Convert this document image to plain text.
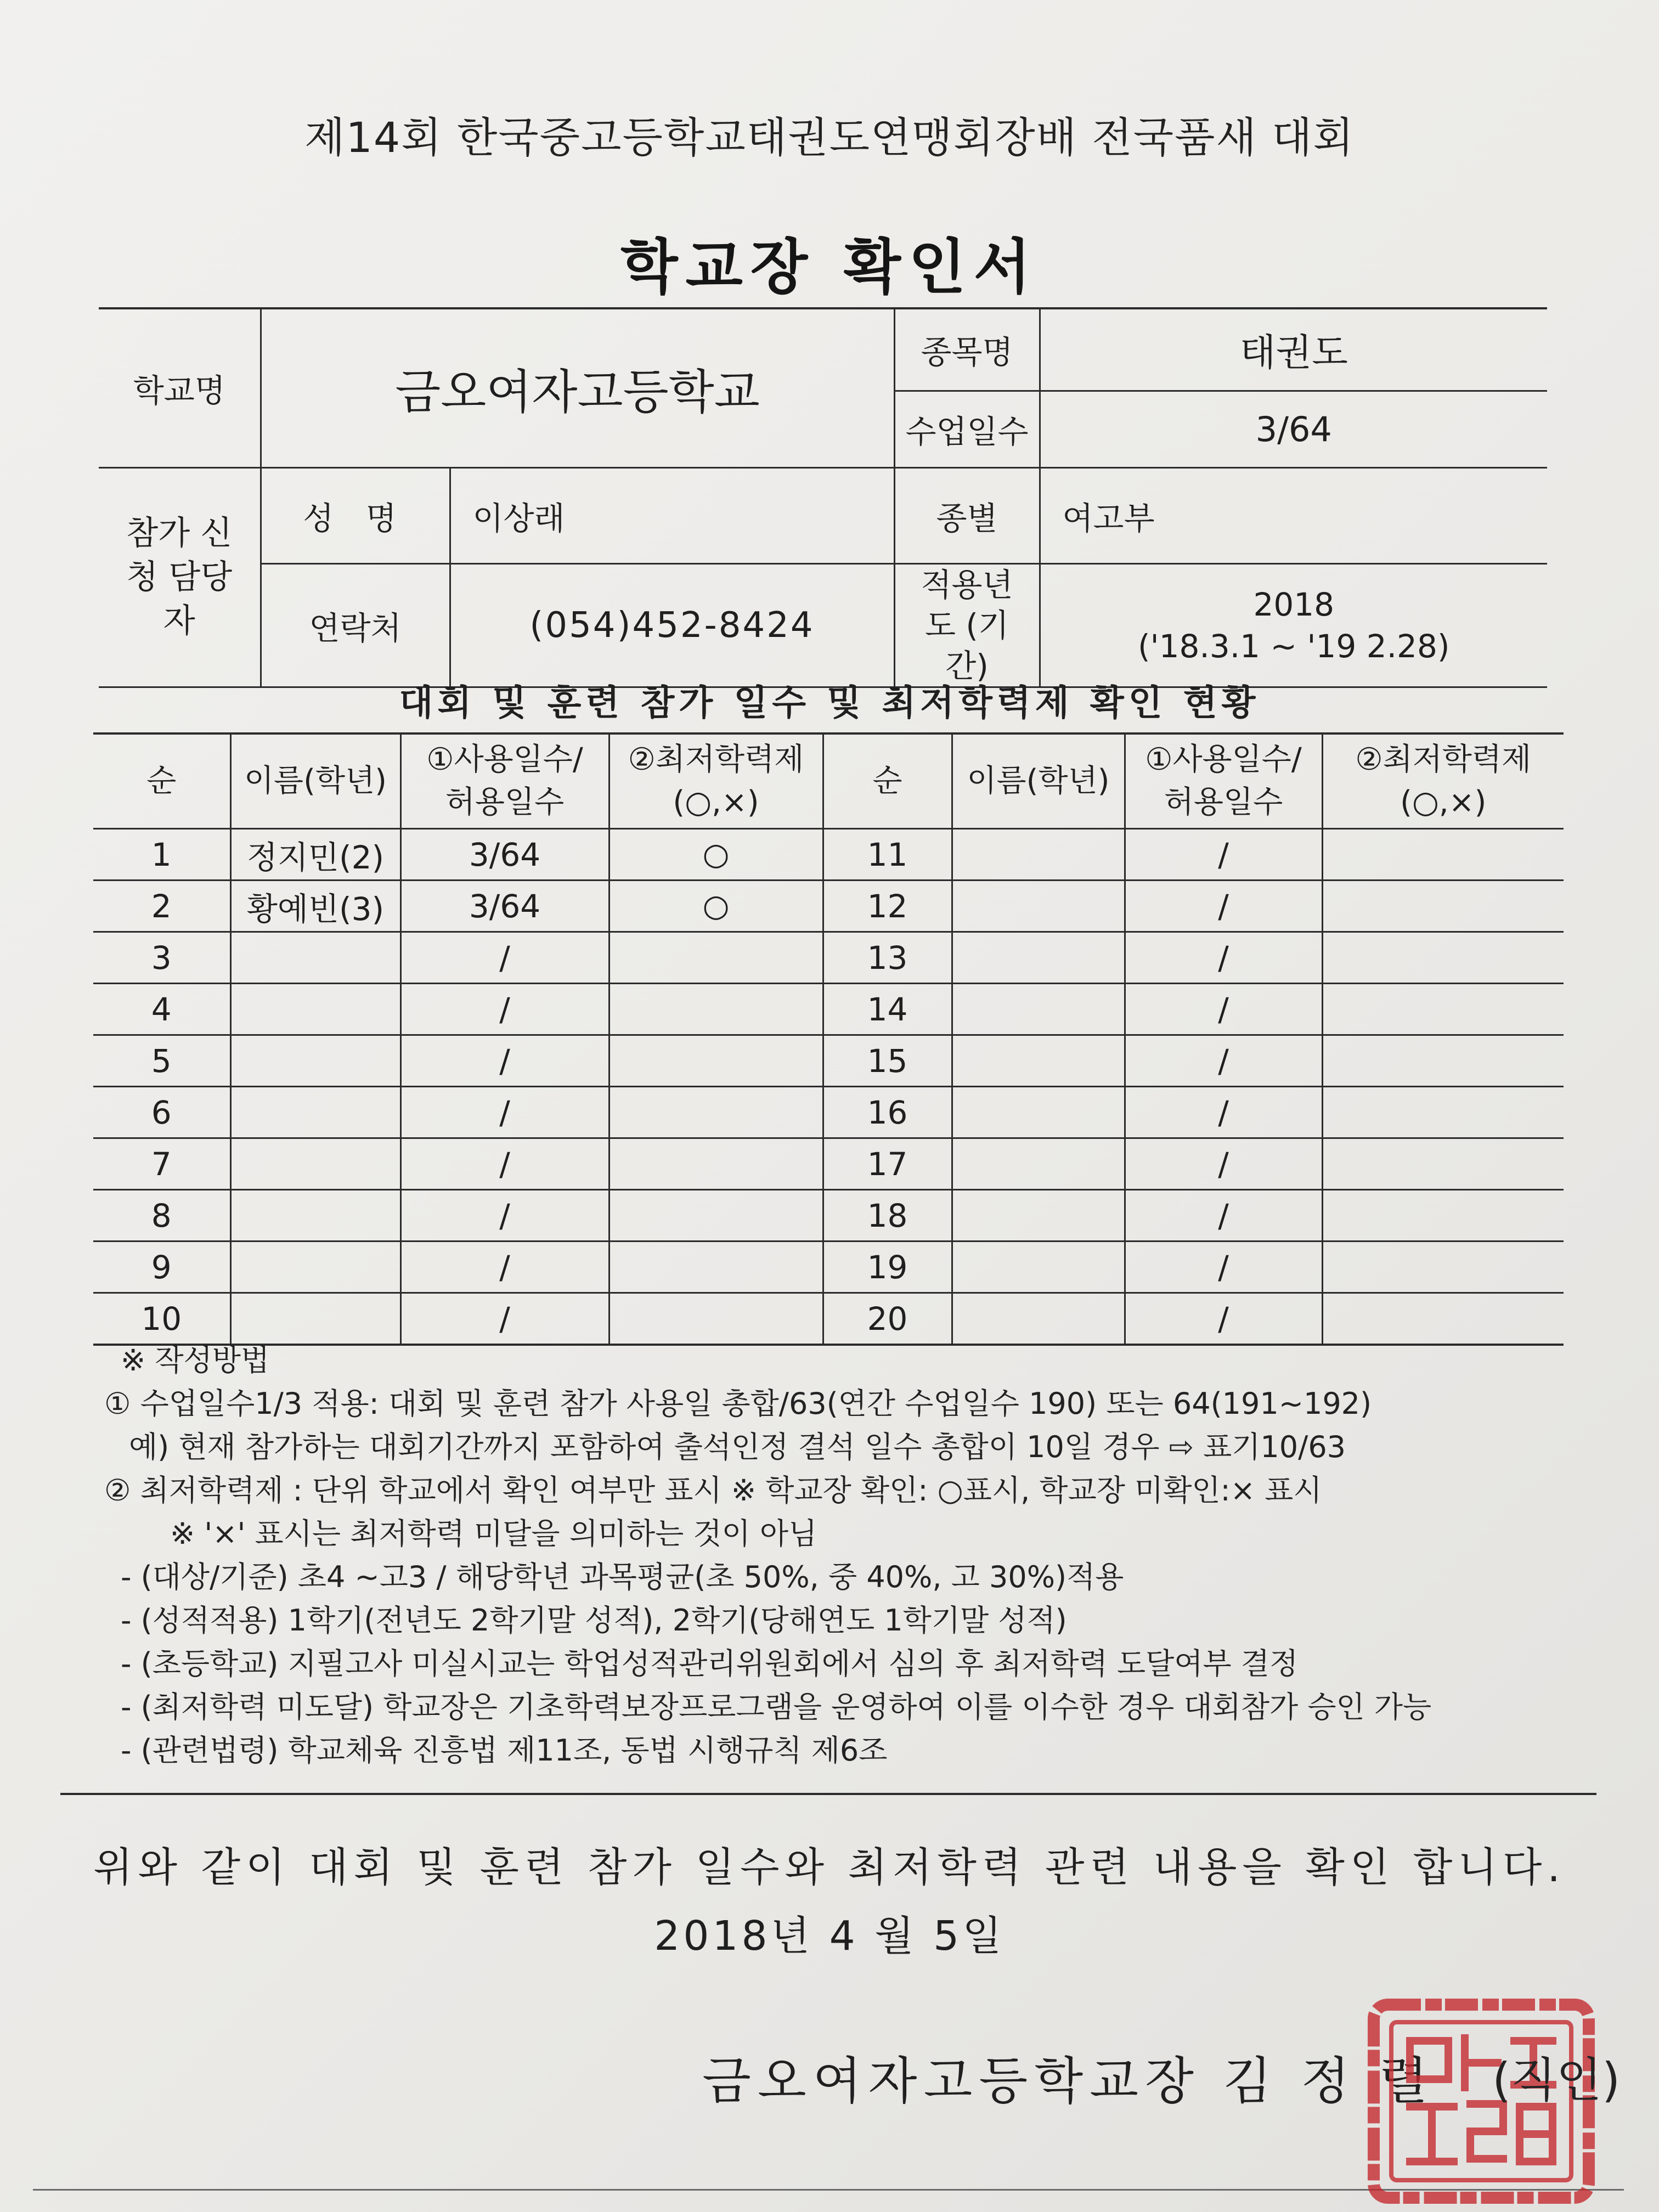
제14회 한국중고등학교태권도연맹회장배 전국품새 대회
학교장 확인서
학교명	금오여자고등학교		종목명	태권도
			수업일수	3/64
참가 신청 담당자	성 명	이상래	종별	여고부
	연락처	(054)452-8424	적용년도 (기간)	2018
('18.3.1 ~ '19 2.28)
대회 및 훈련 참가 일수 및 최저학력제 확인 현황
순	이름(학년)	①사용일수/ 허용일수	②최저학력제 (○,×)	순	이름(학년)	①사용일수/ 허용일수	②최저학력제 (○,×)
1	정지민(2)	3/64	○	11		/	
2	황예빈(3)	3/64	○	12		/	
3		/		13		/	
4		/		14		/	
5		/		15		/	
6		/		16		/	
7		/		17		/	
8		/		18		/	
9		/		19		/	
10		/		20		/	
※ 작성방법
① 수업일수1/3 적용: 대회 및 훈련 참가 사용일 총합/63(연간 수업일수 190) 또는 64(191~192)
예) 현재 참가하는 대회기간까지 포함하여 출석인정 결석 일수 총합이 10일 경우 ⇨ 표기10/63
② 최저학력제 : 단위 학교에서 확인 여부만 표시 ※ 학교장 확인: ○표시, 학교장 미확인:× 표시
※ '×' 표시는 최저학력 미달을 의미하는 것이 아님
- (대상/기준) 초4 ~고3 / 해당학년 과목평균(초 50%, 중 40%, 고 30%)적용
- (성적적용) 1학기(전년도 2학기말 성적), 2학기(당해연도 1학기말 성적)
- (초등학교) 지필고사 미실시교는 학업성적관리위원회에서 심의 후 최저학력 도달여부 결정
- (최저학력 미도달) 학교장은 기초학력보장프로그램을 운영하여 이를 이수한 경우 대회참가 승인 가능
- (관련법령) 학교체육 진흥법 제11조, 동법 시행규칙 제6조
위와 같이 대회 및 훈련 참가 일수와 최저학력 관련 내용을 확인 합니다.
2018년 4 월 5일
금오여자고등학교장 김 정 렬 (직인)
